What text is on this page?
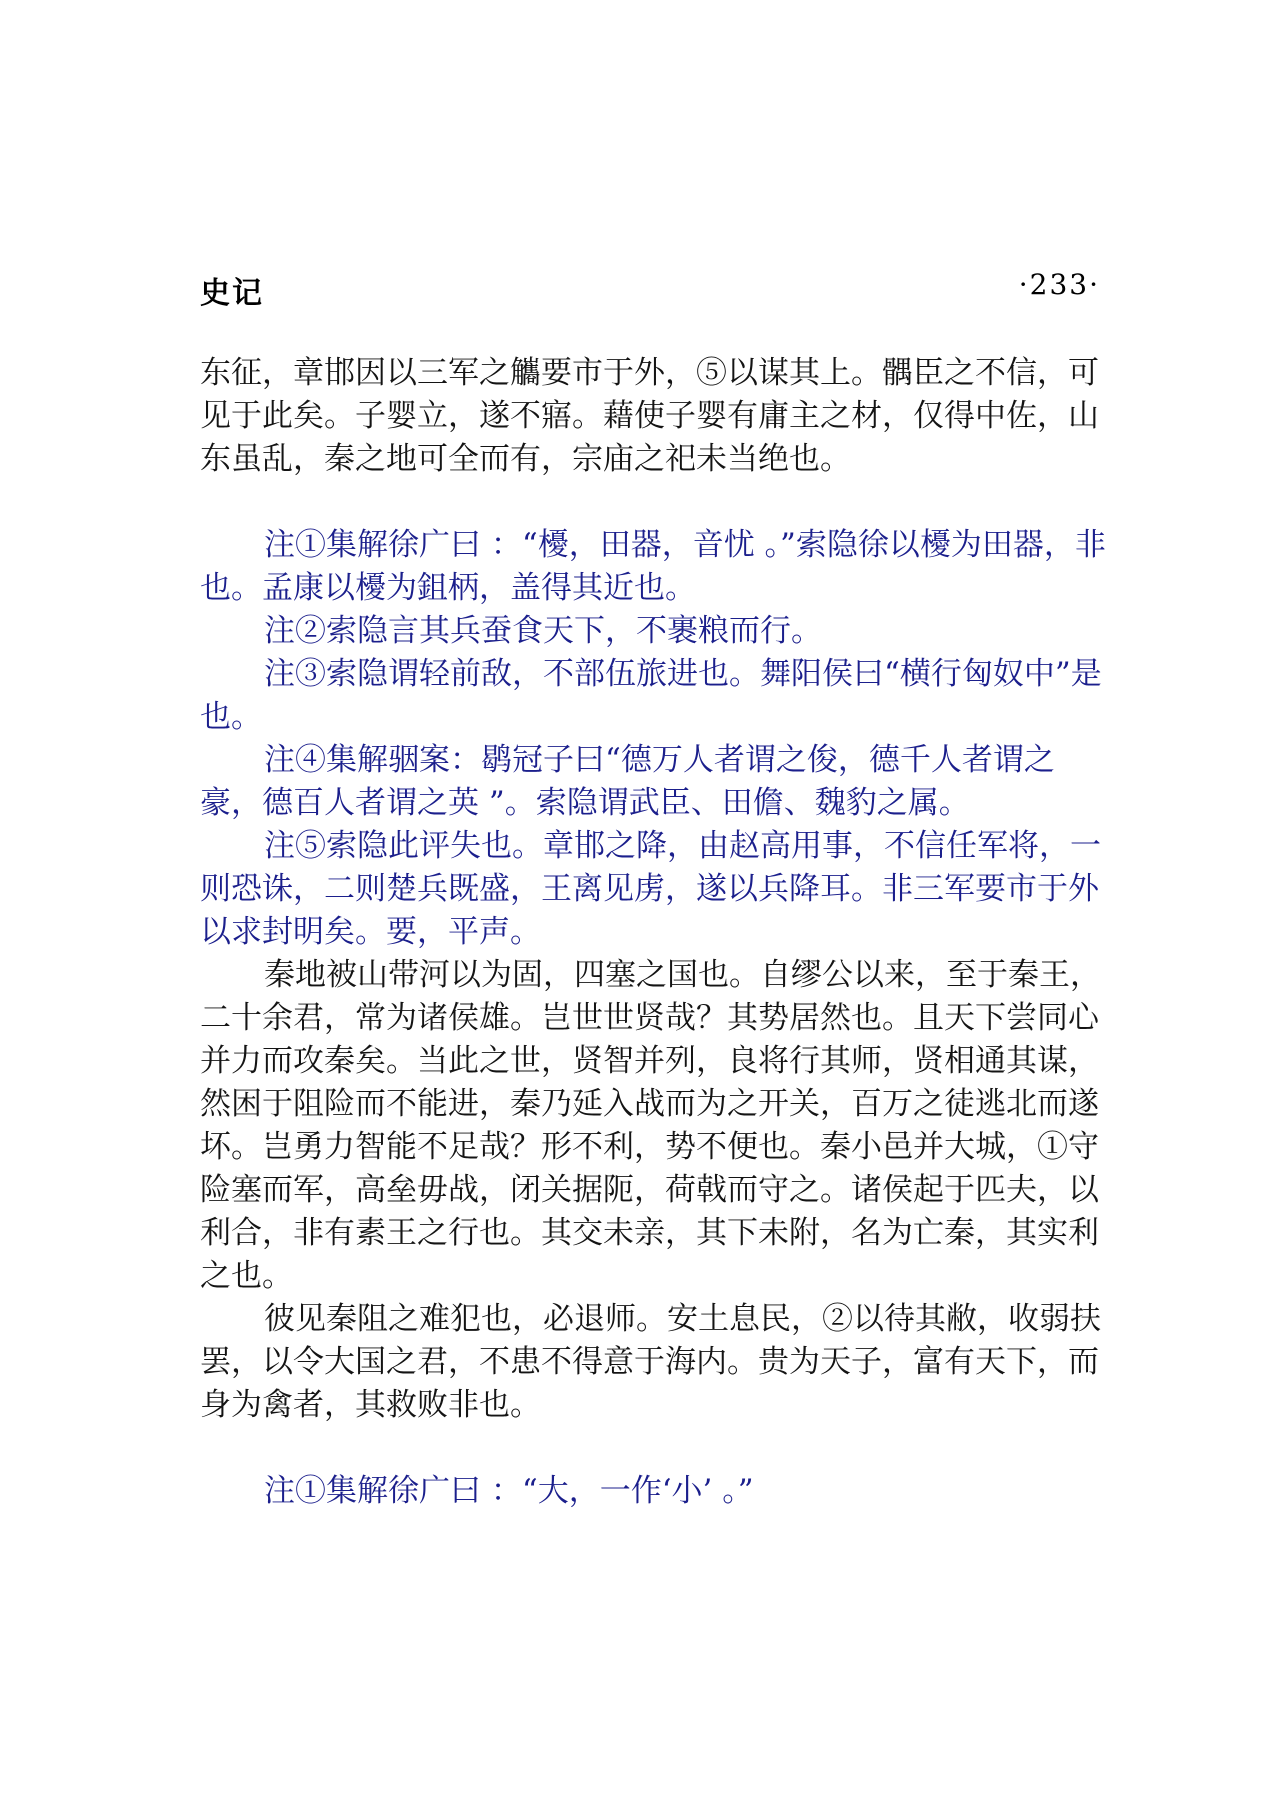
史记	·233·

东征，章邯因以三军之觿要市于外，⑤以谋其上。髃臣之不信，可见于此矣。子婴立，遂不寤。藉使子婴有庸主之材，仅得中佐，山东虽乱，秦之地可全而有，宗庙之祀未当绝也。

注①集解徐广曰 ：“櫌，田器，音忧 。”索隐徐以櫌为田器，非也。孟康以櫌为鉏柄，盖得其近也。

注②索隐言其兵蚕食天下，不裹粮而行。

注③索隐谓轻前敌，不部伍旅进也。舞阳侯曰“横行匈奴中”是也。

注④集解骃案：鹖冠子曰“德万人者谓之俊，德千人者谓之豪，德百人者谓之英 ”。索隐谓武臣、田儋、魏豹之属。

注⑤索隐此评失也。章邯之降，由赵高用事，不信任军将，一则恐诛，二则楚兵既盛，王离见虏，遂以兵降耳。非三军要市于外以求封明矣。要，平声。

秦地被山带河以为固，四塞之国也。自缪公以来，至于秦王，二十余君，常为诸侯雄。岂世世贤哉？其势居然也。且天下尝同心并力而攻秦矣。当此之世，贤智并列，良将行其师，贤相通其谋，然困于阻险而不能进，秦乃延入战而为之开关，百万之徒逃北而遂坏。岂勇力智能不足哉？形不利，势不便也。秦小邑并大城，①守险塞而军，高垒毋战，闭关据阨，荷戟而守之。诸侯起于匹夫，以利合，非有素王之行也。其交未亲，其下未附，名为亡秦，其实利之也。

彼见秦阻之难犯也，必退师。安土息民，②以待其敝，收弱扶罢，以令大国之君，不患不得意于海内。贵为天子，富有天下，而身为禽者，其救败非也。

注①集解徐广曰 ：“大，一作‘小’ 。”
